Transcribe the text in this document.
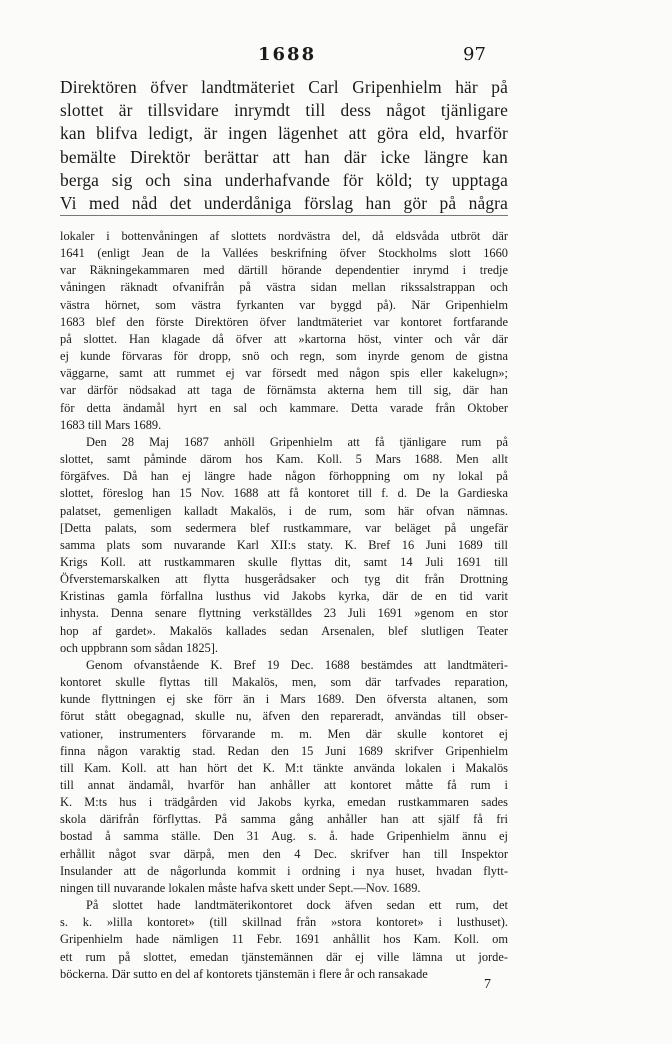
1688	97
Direktören öfver landtmäteriet Carl Gripenhielm här på
slottet är tillsvidare inrymdt till dess något tjänligare
kan blifva ledigt, är ingen lägenhet att göra eld, hvarför
bemälte Direktör berättar att han där icke längre kan
berga sig och sina underhafvande för köld; ty upptaga
Vi med nåd det underdåniga förslag han gör på några
lokaler i bottenvåningen af slottets nordvästra del, då eldsvåda utbröt där
1641 (enligt Jean de la Vallées beskrifning öfver Stockholms slott 1660
var Räkningekammaren med därtill hörande dependentier inrymd i tredje
våningen räknadt ofvanifrån på västra sidan mellan rikssalstrappan och
västra hörnet, som västra fyrkanten var byggd på). När Gripenhielm
1683 blef den förste Direktören öfver landtmäteriet var kontoret fortfarande
på slottet. Han klagade då öfver att »kartorna höst, vinter och vår där
ej kunde förvaras för dropp, snö och regn, som inyrde genom de gistna
väggarne, samt att rummet ej var försedt med någon spis eller kakelugn»;
var därför nödsakad att taga de förnämsta akterna hem till sig, där han
för detta ändamål hyrt en sal och kammare. Detta varade från Oktober
1683 till Mars 1689.
Den 28 Maj 1687 anhöll Gripenhielm att få tjänligare rum på
slottet, samt påminde därom hos Kam. Koll. 5 Mars 1688. Men allt
förgäfves. Då han ej längre hade någon förhoppning om ny lokal på
slottet, föreslog han 15 Nov. 1688 att få kontoret till f. d. De la Gardieska
palatset, gemenligen kalladt Makalös, i de rum, som här ofvan nämnas.
[Detta palats, som sedermera blef rustkammare, var beläget på ungefär
samma plats som nuvarande Karl XII:s staty. K. Bref 16 Juni 1689 till
Krigs Koll. att rustkammaren skulle flyttas dit, samt 14 Juli 1691 till
Öfverstemarskalken att flytta husgerådsaker och tyg dit från Drottning
Kristinas gamla förfallna lusthus vid Jakobs kyrka, där de en tid varit
inhysta. Denna senare flyttning verkställdes 23 Juli 1691 »genom en stor
hop af gardet». Makalös kallades sedan Arsenalen, blef slutligen Teater
och uppbrann som sådan 1825].
Genom ofvanstående K. Bref 19 Dec. 1688 bestämdes att landtmäteri-
kontoret skulle flyttas till Makalös, men, som där tarfvades reparation,
kunde flyttningen ej ske förr än i Mars 1689. Den öfversta altanen, som
förut stått obegagnad, skulle nu, äfven den repareradt, användas till obser-
vationer, instrumenters förvarande m. m. Men där skulle kontoret ej
finna någon varaktig stad. Redan den 15 Juni 1689 skrifver Gripenhielm
till Kam. Koll. att han hört det K. M:t tänkte använda lokalen i Makalös
till annat ändamål, hvarför han anhåller att kontoret måtte få rum i
K. M:ts hus i trädgården vid Jakobs kyrka, emedan rustkammaren sades
skola därifrån förflyttas. På samma gång anhåller han att själf få fri
bostad å samma ställe. Den 31 Aug. s. å. hade Gripenhielm ännu ej
erhållit något svar därpå, men den 4 Dec. skrifver han till Inspektor
Insulander att de någorlunda kommit i ordning i nya huset, hvadan flytt-
ningen till nuvarande lokalen måste hafva skett under Sept.—Nov. 1689.
På slottet hade landtmäterikontoret dock äfven sedan ett rum, det
s. k. »lilla kontoret» (till skillnad från »stora kontoret» i lusthuset).
Gripenhielm hade nämligen 11 Febr. 1691 anhållit hos Kam. Koll. om
ett rum på slottet, emedan tjänstemännen där ej ville lämna ut jorde-
böckerna. Där sutto en del af kontorets tjänstemän i flere år och ransakade
7
